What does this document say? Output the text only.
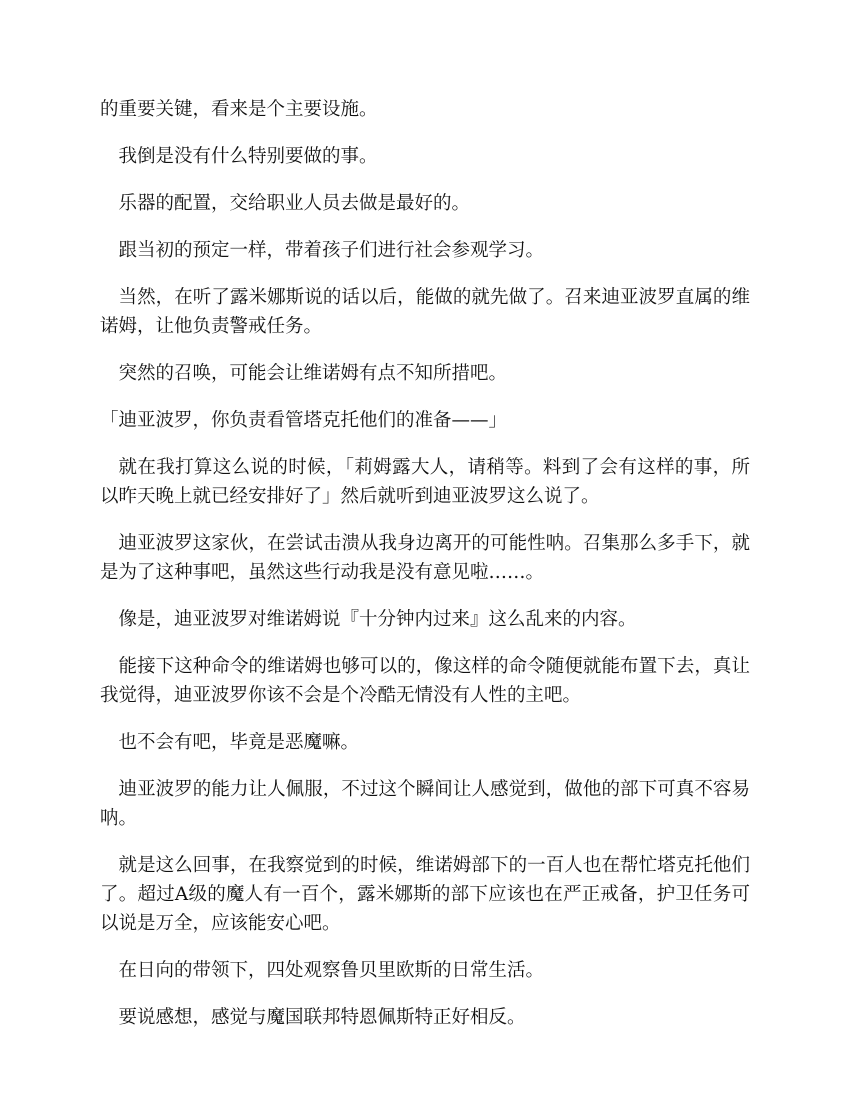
的重要关键，看来是个主要设施。

我倒是没有什么特别要做的事。

乐器的配置，交给职业人员去做是最好的。

跟当初的预定一样，带着孩子们进行社会参观学习。

当然，在听了露米娜斯说的话以后，能做的就先做了。召来迪亚波罗直属的维诺姆，让他负责警戒任务。

突然的召唤，可能会让维诺姆有点不知所措吧。

「迪亚波罗，你负责看管塔克托他们的准备——」

就在我打算这么说的时候，「莉姆露大人，请稍等。料到了会有这样的事，所以昨天晚上就已经安排好了」然后就听到迪亚波罗这么说了。

迪亚波罗这家伙，在尝试击溃从我身边离开的可能性呐。召集那么多手下，就是为了这种事吧，虽然这些行动我是没有意见啦……。

像是，迪亚波罗对维诺姆说『十分钟内过来』这么乱来的内容。

能接下这种命令的维诺姆也够可以的，像这样的命令随便就能布置下去，真让我觉得，迪亚波罗你该不会是个冷酷无情没有人性的主吧。

也不会有吧，毕竟是恶魔嘛。

迪亚波罗的能力让人佩服，不过这个瞬间让人感觉到，做他的部下可真不容易呐。

就是这么回事，在我察觉到的时候，维诺姆部下的一百人也在帮忙塔克托他们了。超过A级的魔人有一百个，露米娜斯的部下应该也在严正戒备，护卫任务可以说是万全，应该能安心吧。

在日向的带领下，四处观察鲁贝里欧斯的日常生活。

要说感想，感觉与魔国联邦特恩佩斯特正好相反。
